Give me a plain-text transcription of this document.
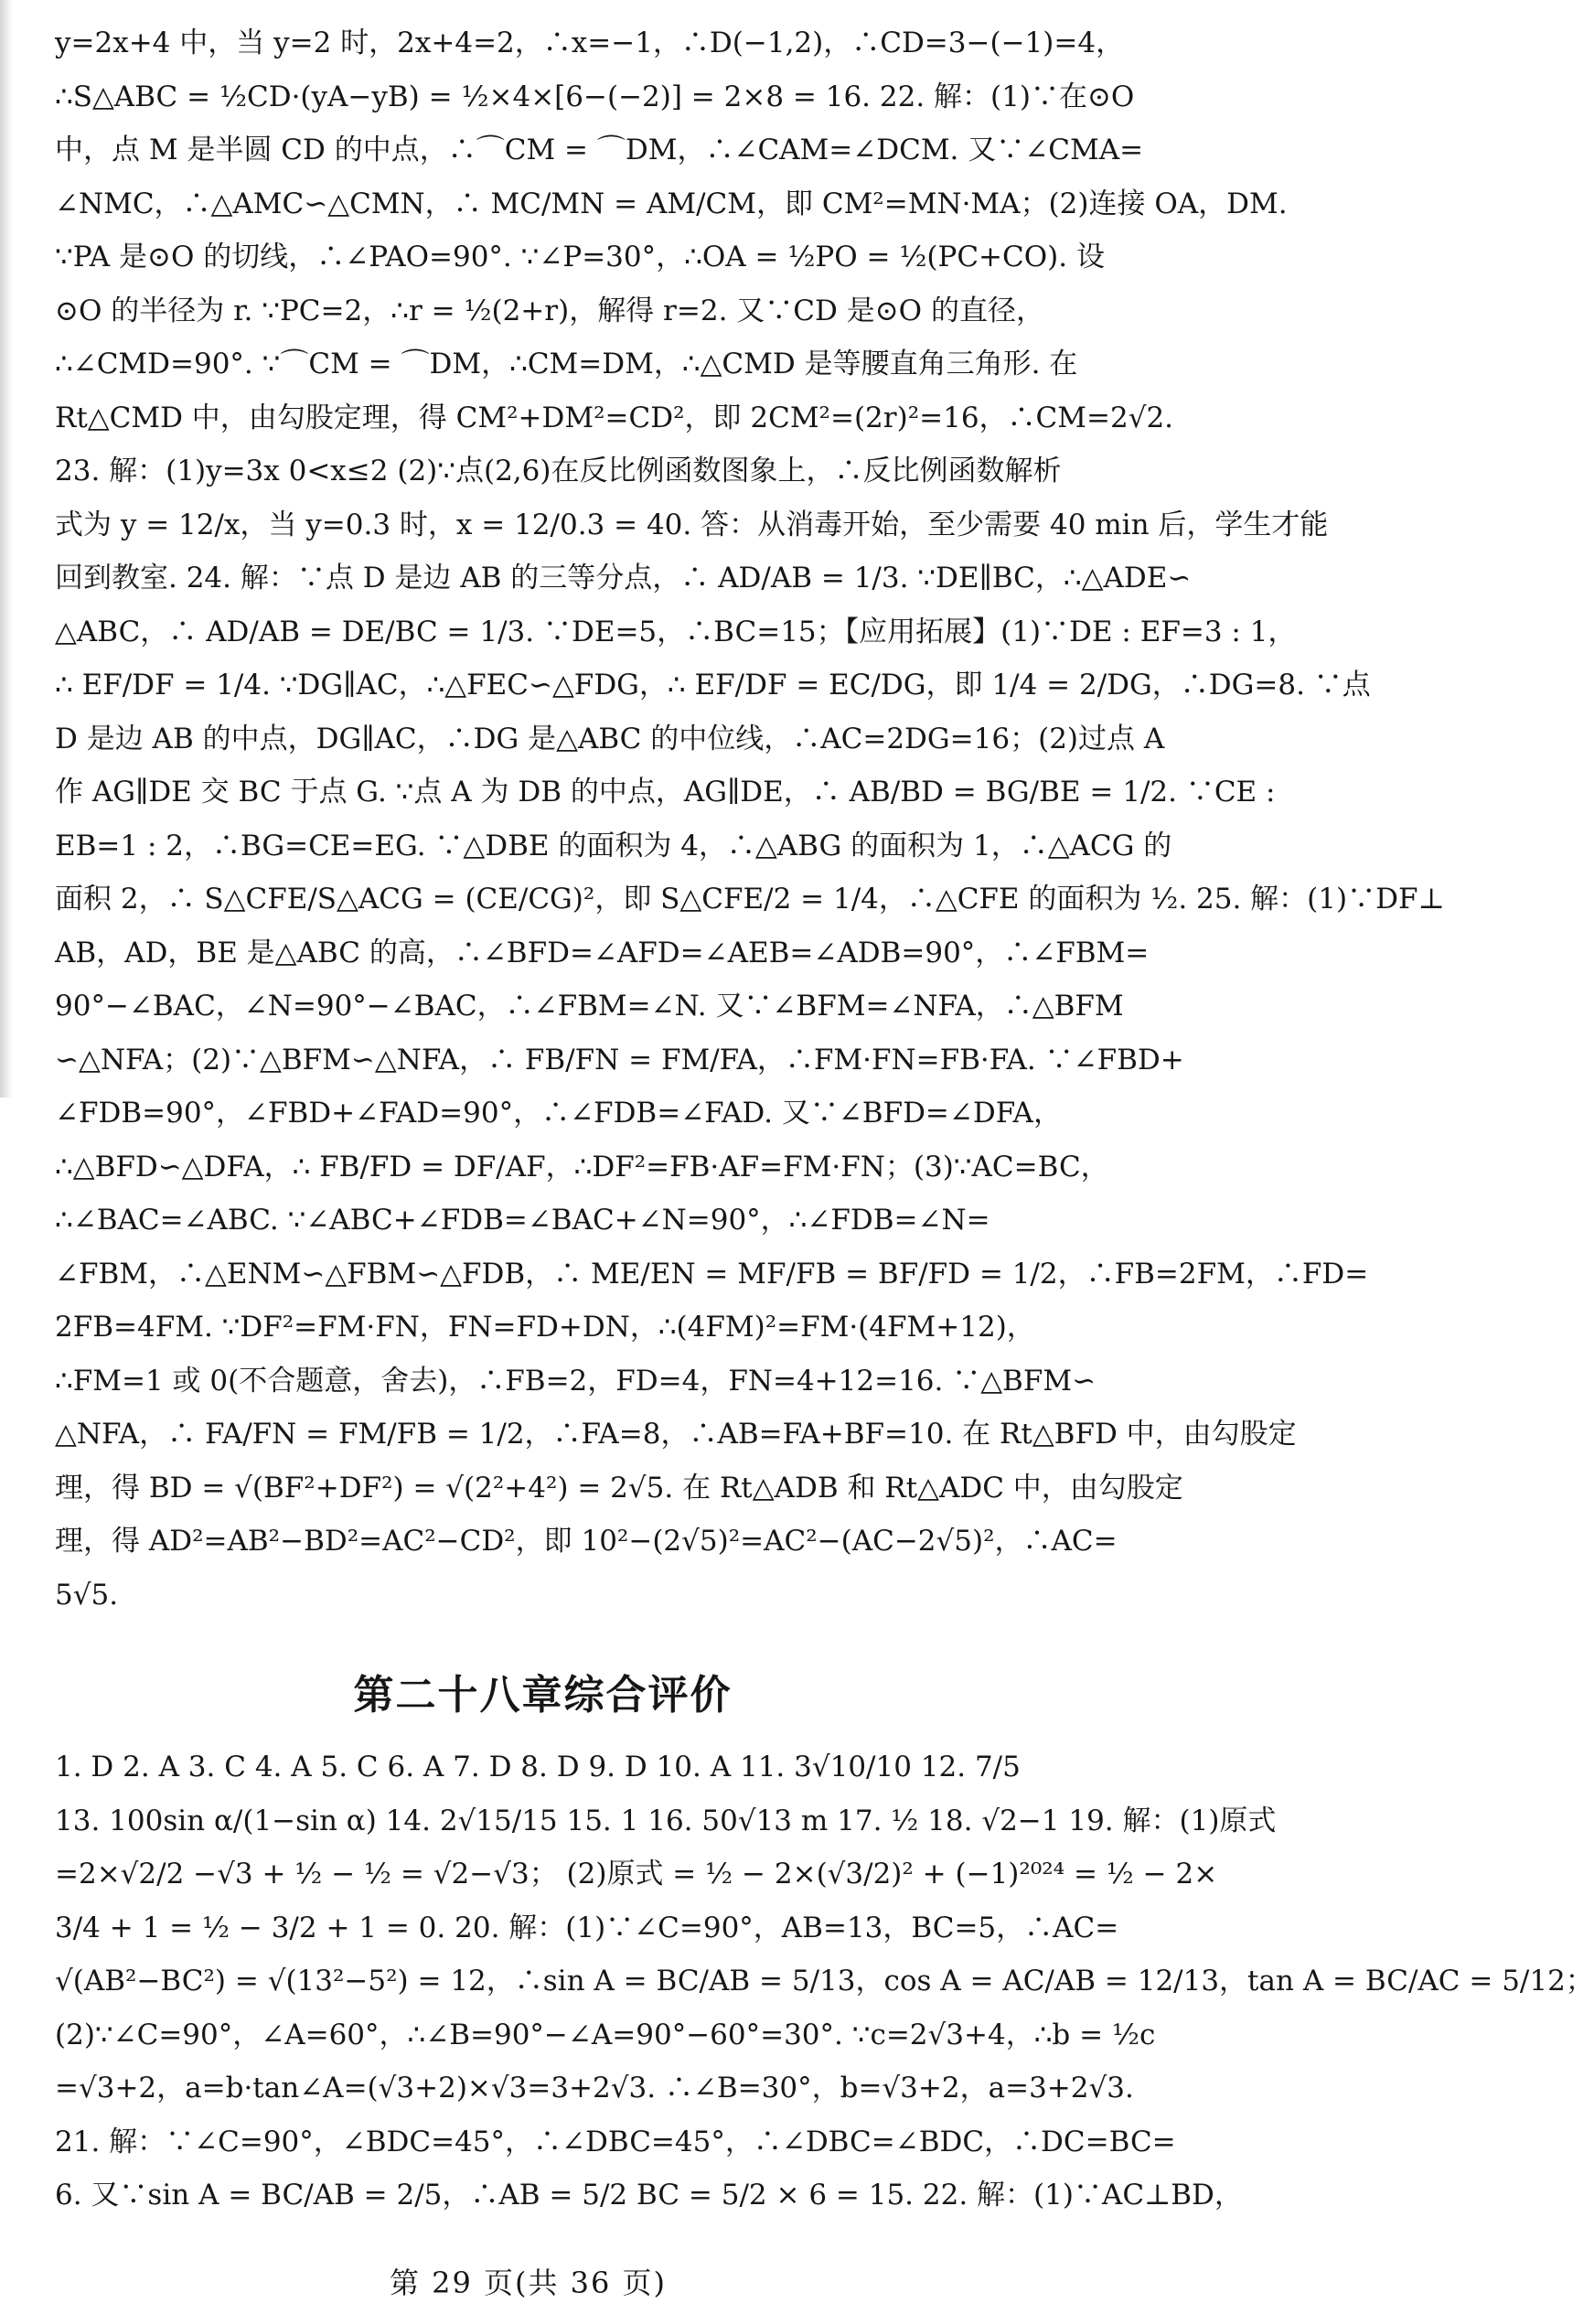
y=2x+4 中，当 y=2 时，2x+4=2，∴x=−1，∴D(−1,2)，∴CD=3−(−1)=4，
∴S△ABC = ½CD·(yA−yB) = ½×4×[6−(−2)] = 2×8 = 16. 22. 解：(1)∵在⊙O
中，点 M 是半圆 CD 的中点，∴⌒CM = ⌒DM，∴∠CAM=∠DCM. 又∵∠CMA=
∠NMC，∴△AMC∽△CMN，∴ MC/MN = AM/CM，即 CM²=MN·MA；(2)连接 OA，DM.
∵PA 是⊙O 的切线，∴∠PAO=90°. ∵∠P=30°，∴OA = ½PO = ½(PC+CO). 设
⊙O 的半径为 r. ∵PC=2，∴r = ½(2+r)，解得 r=2. 又∵CD 是⊙O 的直径，
∴∠CMD=90°. ∵⌒CM = ⌒DM，∴CM=DM，∴△CMD 是等腰直角三角形. 在
Rt△CMD 中，由勾股定理，得 CM²+DM²=CD²，即 2CM²=(2r)²=16，∴CM=2√2.
23. 解：(1)y=3x 0<x≤2 (2)∵点(2,6)在反比例函数图象上，∴反比例函数解析
式为 y = 12/x，当 y=0.3 时，x = 12/0.3 = 40. 答：从消毒开始，至少需要 40 min 后，学生才能
回到教室. 24. 解：∵点 D 是边 AB 的三等分点，∴ AD/AB = 1/3. ∵DE∥BC，∴△ADE∽
△ABC，∴ AD/AB = DE/BC = 1/3. ∵DE=5，∴BC=15；【应用拓展】(1)∵DE : EF=3 : 1，
∴ EF/DF = 1/4. ∵DG∥AC，∴△FEC∽△FDG，∴ EF/DF = EC/DG，即 1/4 = 2/DG，∴DG=8. ∵点
D 是边 AB 的中点，DG∥AC，∴DG 是△ABC 的中位线，∴AC=2DG=16；(2)过点 A
作 AG∥DE 交 BC 于点 G. ∵点 A 为 DB 的中点，AG∥DE，∴ AB/BD = BG/BE = 1/2. ∵CE :
EB=1 : 2，∴BG=CE=EG. ∵△DBE 的面积为 4，∴△ABG 的面积为 1，∴△ACG 的
面积 2，∴ S△CFE/S△ACG = (CE/CG)²，即 S△CFE/2 = 1/4，∴△CFE 的面积为 ½. 25. 解：(1)∵DF⊥
AB，AD，BE 是△ABC 的高，∴∠BFD=∠AFD=∠AEB=∠ADB=90°，∴∠FBM=
90°−∠BAC，∠N=90°−∠BAC，∴∠FBM=∠N. 又∵∠BFM=∠NFA，∴△BFM
∽△NFA；(2)∵△BFM∽△NFA，∴ FB/FN = FM/FA，∴FM·FN=FB·FA. ∵∠FBD+
∠FDB=90°，∠FBD+∠FAD=90°，∴∠FDB=∠FAD. 又∵∠BFD=∠DFA，
∴△BFD∽△DFA，∴ FB/FD = DF/AF，∴DF²=FB·AF=FM·FN；(3)∵AC=BC，
∴∠BAC=∠ABC. ∵∠ABC+∠FDB=∠BAC+∠N=90°，∴∠FDB=∠N=
∠FBM，∴△ENM∽△FBM∽△FDB，∴ ME/EN = MF/FB = BF/FD = 1/2，∴FB=2FM，∴FD=
2FB=4FM. ∵DF²=FM·FN，FN=FD+DN，∴(4FM)²=FM·(4FM+12)，
∴FM=1 或 0(不合题意，舍去)，∴FB=2，FD=4，FN=4+12=16. ∵△BFM∽
△NFA，∴ FA/FN = FM/FB = 1/2，∴FA=8，∴AB=FA+BF=10. 在 Rt△BFD 中，由勾股定
理，得 BD = √(BF²+DF²) = √(2²+4²) = 2√5. 在 Rt△ADB 和 Rt△ADC 中，由勾股定
理，得 AD²=AB²−BD²=AC²−CD²，即 10²−(2√5)²=AC²−(AC−2√5)²，∴AC=
5√5.
第二十八章综合评价
1. D 2. A 3. C 4. A 5. C 6. A 7. D 8. D 9. D 10. A 11. 3√10/10 12. 7/5
13. 100sin α/(1−sin α) 14. 2√15/15 15. 1 16. 50√13 m 17. ½ 18. √2−1 19. 解：(1)原式
=2×√2/2 −√3 + ½ − ½ = √2−√3； (2)原式 = ½ − 2×(√3/2)² + (−1)²⁰²⁴ = ½ − 2×
3/4 + 1 = ½ − 3/2 + 1 = 0. 20. 解：(1)∵∠C=90°，AB=13，BC=5，∴AC=
√(AB²−BC²) = √(13²−5²) = 12，∴sin A = BC/AB = 5/13，cos A = AC/AB = 12/13，tan A = BC/AC = 5/12；
(2)∵∠C=90°，∠A=60°，∴∠B=90°−∠A=90°−60°=30°. ∵c=2√3+4，∴b = ½c
=√3+2，a=b·tan∠A=(√3+2)×√3=3+2√3. ∴∠B=30°，b=√3+2，a=3+2√3.
21. 解：∵∠C=90°，∠BDC=45°，∴∠DBC=45°，∴∠DBC=∠BDC，∴DC=BC=
6. 又∵sin A = BC/AB = 2/5，∴AB = 5/2 BC = 5/2 × 6 = 15. 22. 解：(1)∵AC⊥BD，
第 29 页(共 36 页)
